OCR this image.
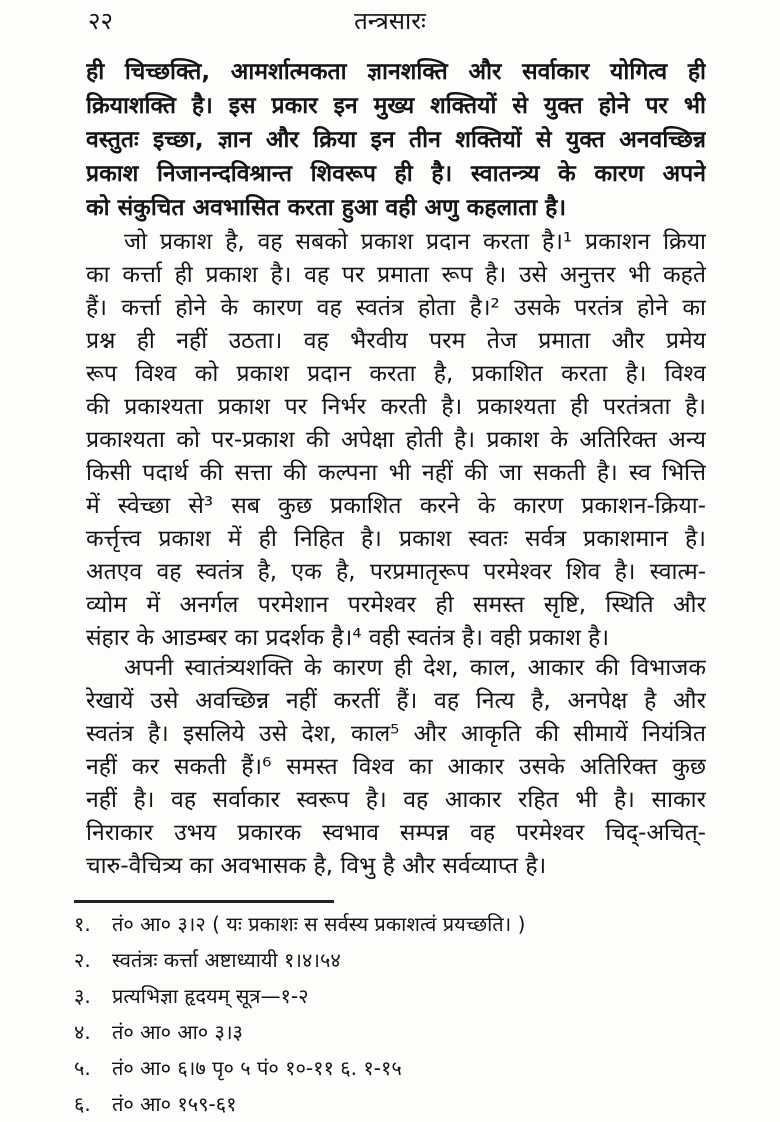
२२	तन्त्रसारः
ही चिच्छक्ति, आमर्शात्मकता ज्ञानशक्ति और सर्वाकार योगित्व ही
क्रियाशक्ति है। इस प्रकार इन मुख्य शक्तियों से युक्त होने पर भी
वस्तुतः इच्छा, ज्ञान और क्रिया इन तीन शक्तियों से युक्त अनवच्छिन्न
प्रकाश निजानन्दविश्रान्त शिवरूप ही है। स्वातन्त्र्य के कारण अपने
को संकुचित अवभासित करता हुआ वही अणु कहलाता है।
जो प्रकाश है, वह सबको प्रकाश प्रदान करता है।¹ प्रकाशन क्रिया
का कर्त्ता ही प्रकाश है। वह पर प्रमाता रूप है। उसे अनुत्तर भी कहते
हैं। कर्त्ता होने के कारण वह स्वतंत्र होता है।² उसके परतंत्र होने का
प्रश्न ही नहीं उठता। वह भैरवीय परम तेज प्रमाता और प्रमेय
रूप विश्व को प्रकाश प्रदान करता है, प्रकाशित करता है। विश्व
की प्रकाश्यता प्रकाश पर निर्भर करती है। प्रकाश्यता ही परतंत्रता है।
प्रकाश्यता को पर-प्रकाश की अपेक्षा होती है। प्रकाश के अतिरिक्त अन्य
किसी पदार्थ की सत्ता की कल्पना भी नहीं की जा सकती है। स्व भित्ति
में स्वेच्छा से³ सब कुछ प्रकाशित करने के कारण प्रकाशन-क्रिया-
कर्त्तृत्त्व प्रकाश में ही निहित है। प्रकाश स्वतः सर्वत्र प्रकाशमान है।
अतएव वह स्वतंत्र है, एक है, परप्रमातृरूप परमेश्वर शिव है। स्वात्म-
व्योम में अनर्गल परमेशान परमेश्वर ही समस्त सृष्टि, स्थिति और
संहार के आडम्बर का प्रदर्शक है।⁴ वही स्वतंत्र है। वही प्रकाश है।
अपनी स्वातंत्र्यशक्ति के कारण ही देश, काल, आकार की विभाजक
रेखायें उसे अवच्छिन्न नहीं करतीं हैं। वह नित्य है, अनपेक्ष है और
स्वतंत्र है। इसलिये उसे देश, काल⁵ और आकृति की सीमायें नियंत्रित
नहीं कर सकती हैं।⁶ समस्त विश्व का आकार उसके अतिरिक्त कुछ
नहीं है। वह सर्वाकार स्वरूप है। वह आकार रहित भी है। साकार
निराकार उभय प्रकारक स्वभाव सम्पन्न वह परमेश्वर चिद्-अचित्-
चारु-वैचित्र्य का अवभासक है, विभु है और सर्वव्याप्त है।
१. तं० आ० ३।२ ( यः प्रकाशः स सर्वस्य प्रकाशत्वं प्रयच्छति। )
२. स्वतंत्रः कर्त्ता अष्टाध्यायी १।४।५४
३. प्रत्यभिज्ञा हृदयम् सूत्र—१-२
४. तं० आ० आ० ३।३
५. तं० आ० ६।७ पृ० ५ पं० १०-११ ६. १-१५
६. तं० आ० १५९-६१
